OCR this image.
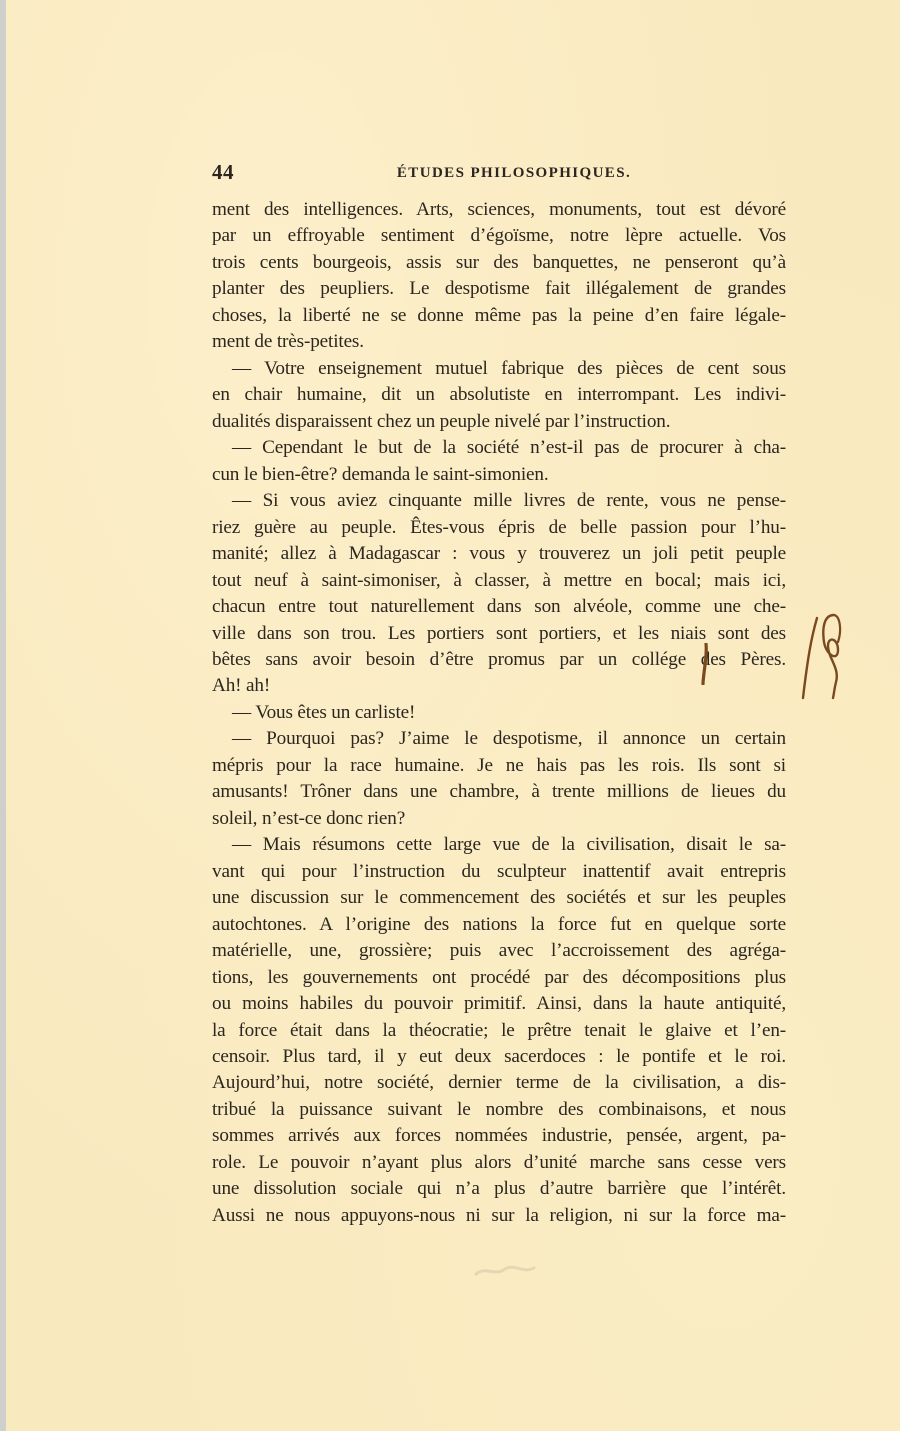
44	ÉTUDES PHILOSOPHIQUES.
ment des intelligences. Arts, sciences, monuments, tout est dévoré
par un effroyable sentiment d’égoïsme, notre lèpre actuelle. Vos
trois cents bourgeois, assis sur des banquettes, ne penseront qu’à
planter des peupliers. Le despotisme fait illégalement de grandes
choses, la liberté ne se donne même pas la peine d’en faire légale-
ment de très-petites.
— Votre enseignement mutuel fabrique des pièces de cent sous
en chair humaine, dit un absolutiste en interrompant. Les indivi-
dualités disparaissent chez un peuple nivelé par l’instruction.
— Cependant le but de la société n’est-il pas de procurer à cha-
cun le bien-être? demanda le saint-simonien.
— Si vous aviez cinquante mille livres de rente, vous ne pense-
riez guère au peuple. Êtes-vous épris de belle passion pour l’hu-
manité; allez à Madagascar : vous y trouverez un joli petit peuple
tout neuf à saint-simoniser, à classer, à mettre en bocal; mais ici,
chacun entre tout naturellement dans son alvéole, comme une che-
ville dans son trou. Les portiers sont portiers, et les niais sont des
bêtes sans avoir besoin d’être promus par un collége des Pères.
Ah! ah!
— Vous êtes un carliste!
— Pourquoi pas? J’aime le despotisme, il annonce un certain
mépris pour la race humaine. Je ne hais pas les rois. Ils sont si
amusants! Trôner dans une chambre, à trente millions de lieues du
soleil, n’est-ce donc rien?
— Mais résumons cette large vue de la civilisation, disait le sa-
vant qui pour l’instruction du sculpteur inattentif avait entrepris
une discussion sur le commencement des sociétés et sur les peuples
autochtones. A l’origine des nations la force fut en quelque sorte
matérielle, une, grossière; puis avec l’accroissement des agréga-
tions, les gouvernements ont procédé par des décompositions plus
ou moins habiles du pouvoir primitif. Ainsi, dans la haute antiquité,
la force était dans la théocratie; le prêtre tenait le glaive et l’en-
censoir. Plus tard, il y eut deux sacerdoces : le pontife et le roi.
Aujourd’hui, notre société, dernier terme de la civilisation, a dis-
tribué la puissance suivant le nombre des combinaisons, et nous
sommes arrivés aux forces nommées industrie, pensée, argent, pa-
role. Le pouvoir n’ayant plus alors d’unité marche sans cesse vers
une dissolution sociale qui n’a plus d’autre barrière que l’intérêt.
Aussi ne nous appuyons-nous ni sur la religion, ni sur la force ma-
